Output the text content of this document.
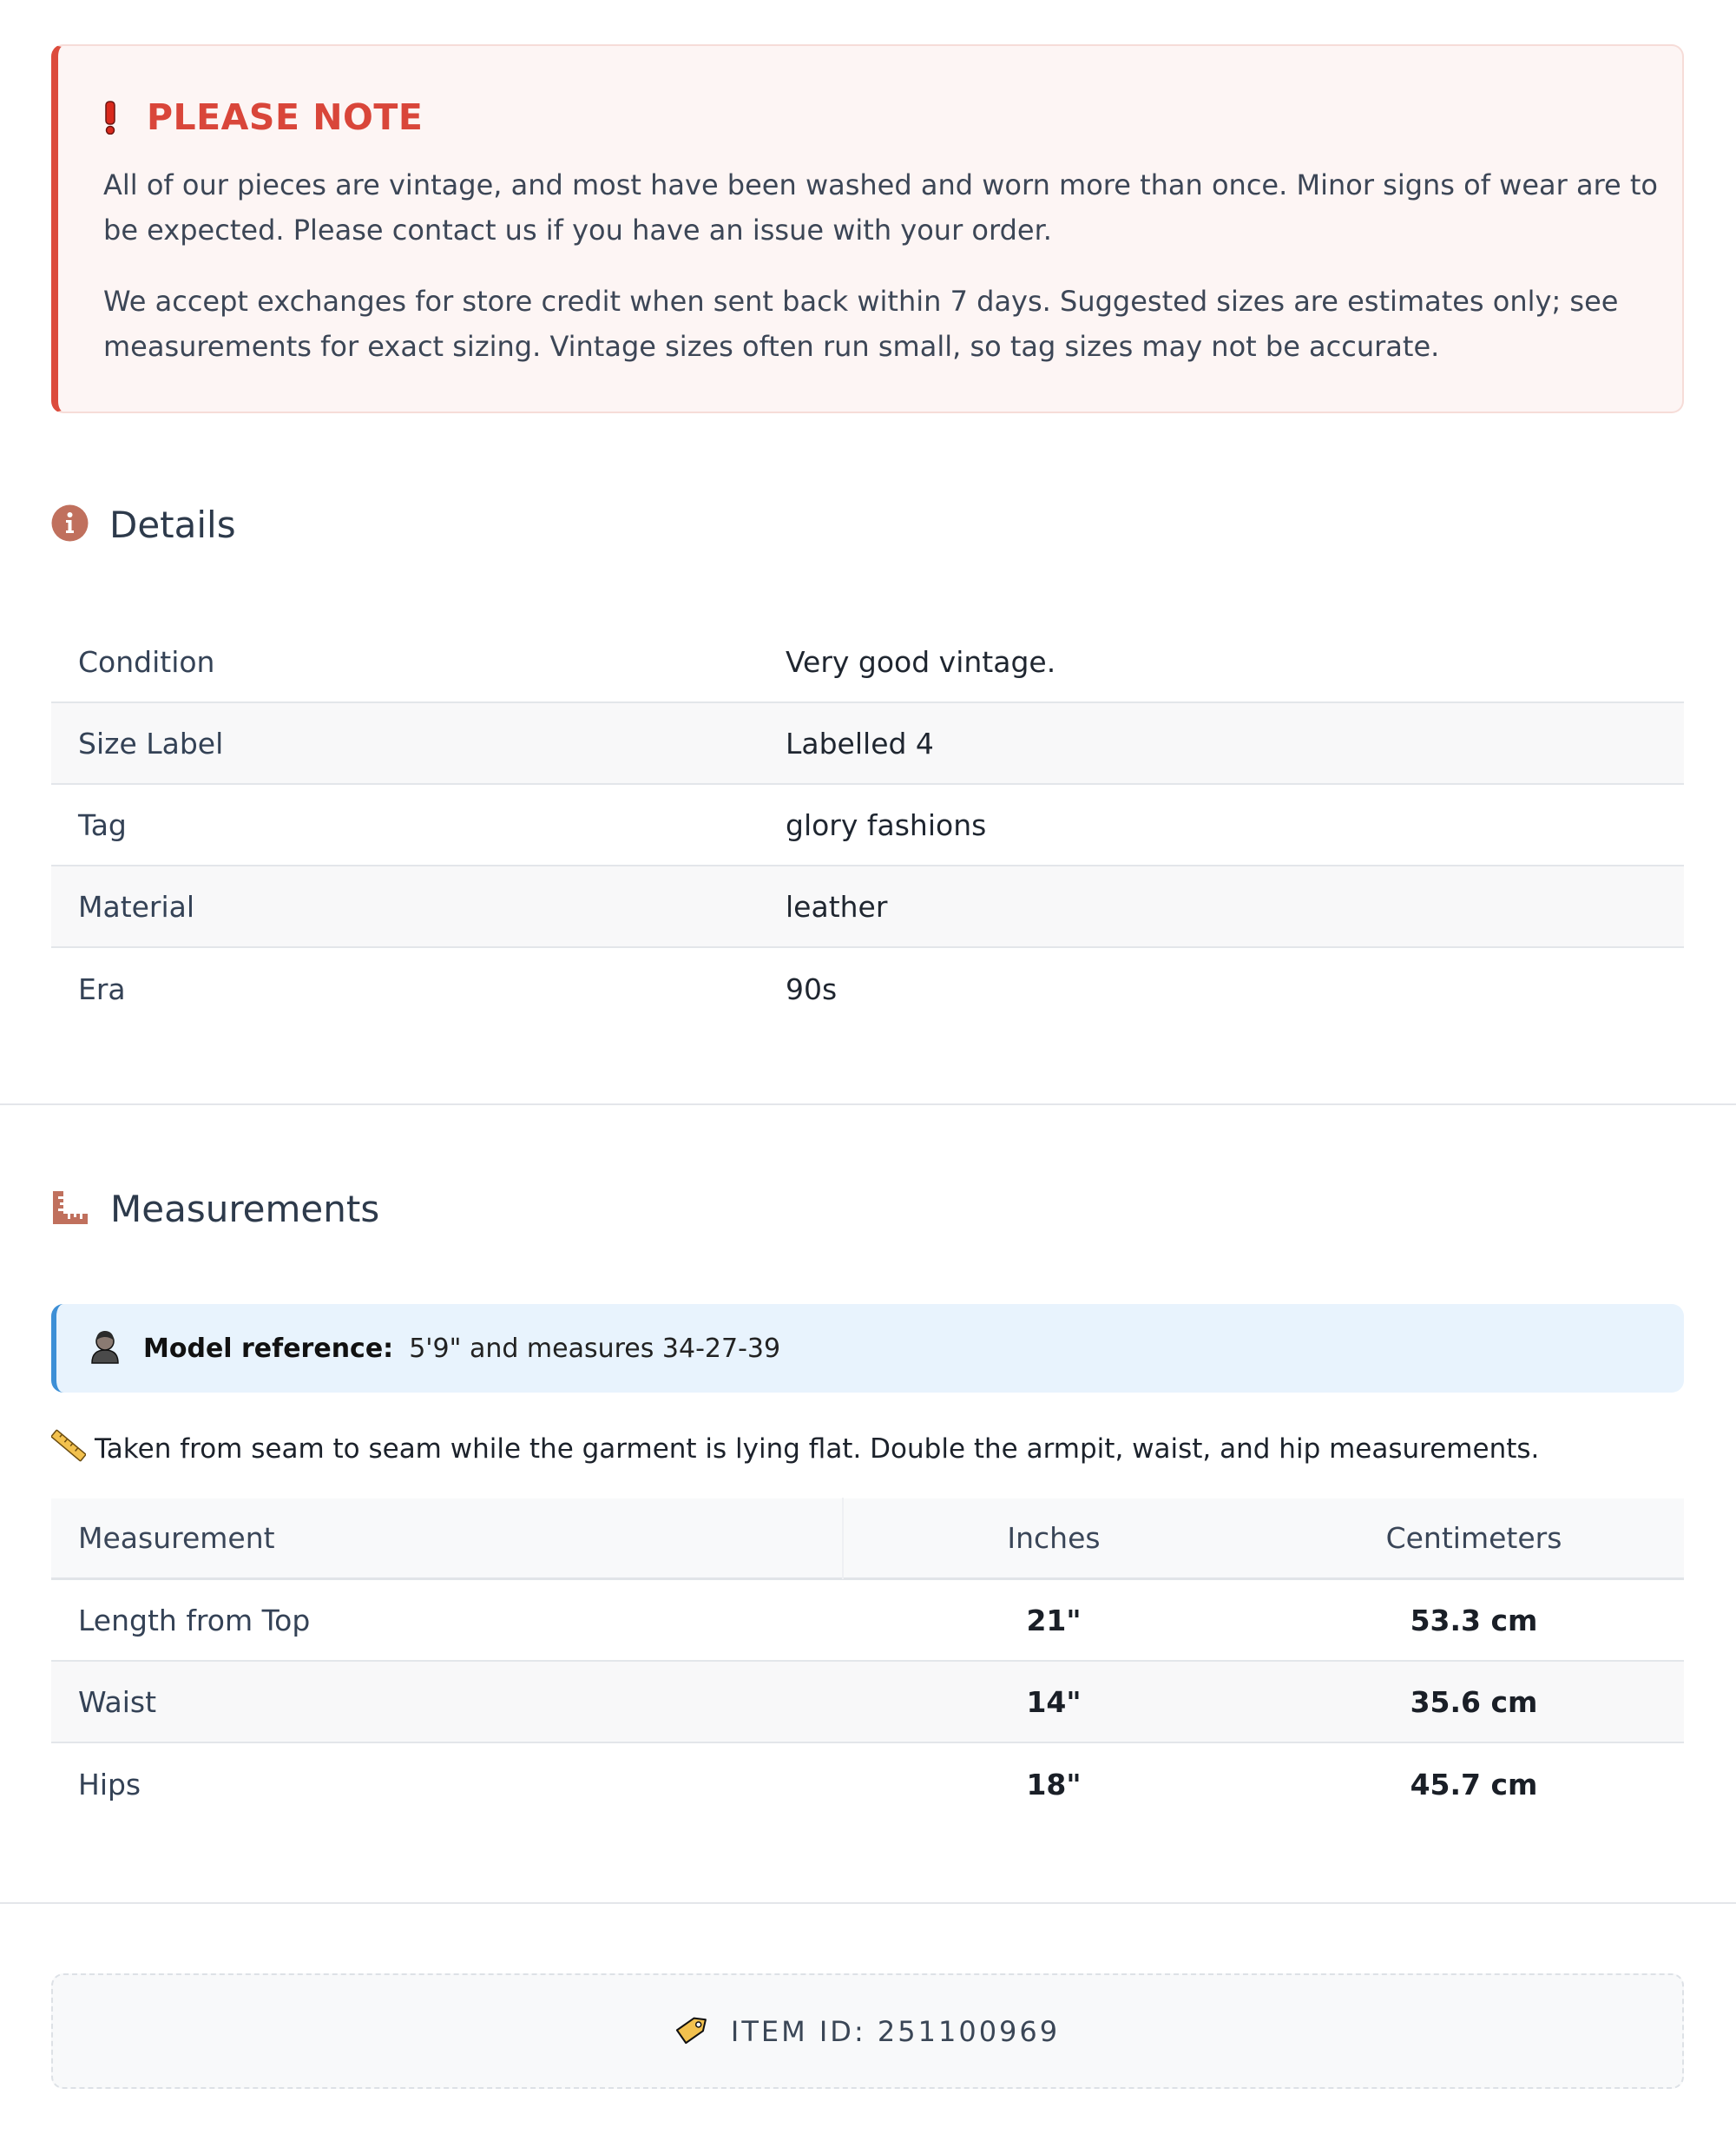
PLEASE NOTE

All of our pieces are vintage, and most have been washed and worn more than once. Minor signs of wear are to be expected. Please contact us if you have an issue with your order.

We accept exchanges for store credit when sent back within 7 days. Suggested sizes are estimates only; see measurements for exact sizing. Vintage sizes often run small, so tag sizes may not be accurate.

Details
Condition	Very good vintage.
Size Label	Labelled 4
Tag	glory fashions
Material	leather
Era	90s
Measurements
Model reference: 5'9" and measures 34-27-39
Taken from seam to seam while the garment is lying flat. Double the armpit, waist, and hip measurements.
Measurement	Inches	Centimeters
Length from Top	21"	53.3 cm
Waist	14"	35.6 cm
Hips	18"	45.7 cm
ITEM ID: 251100969
